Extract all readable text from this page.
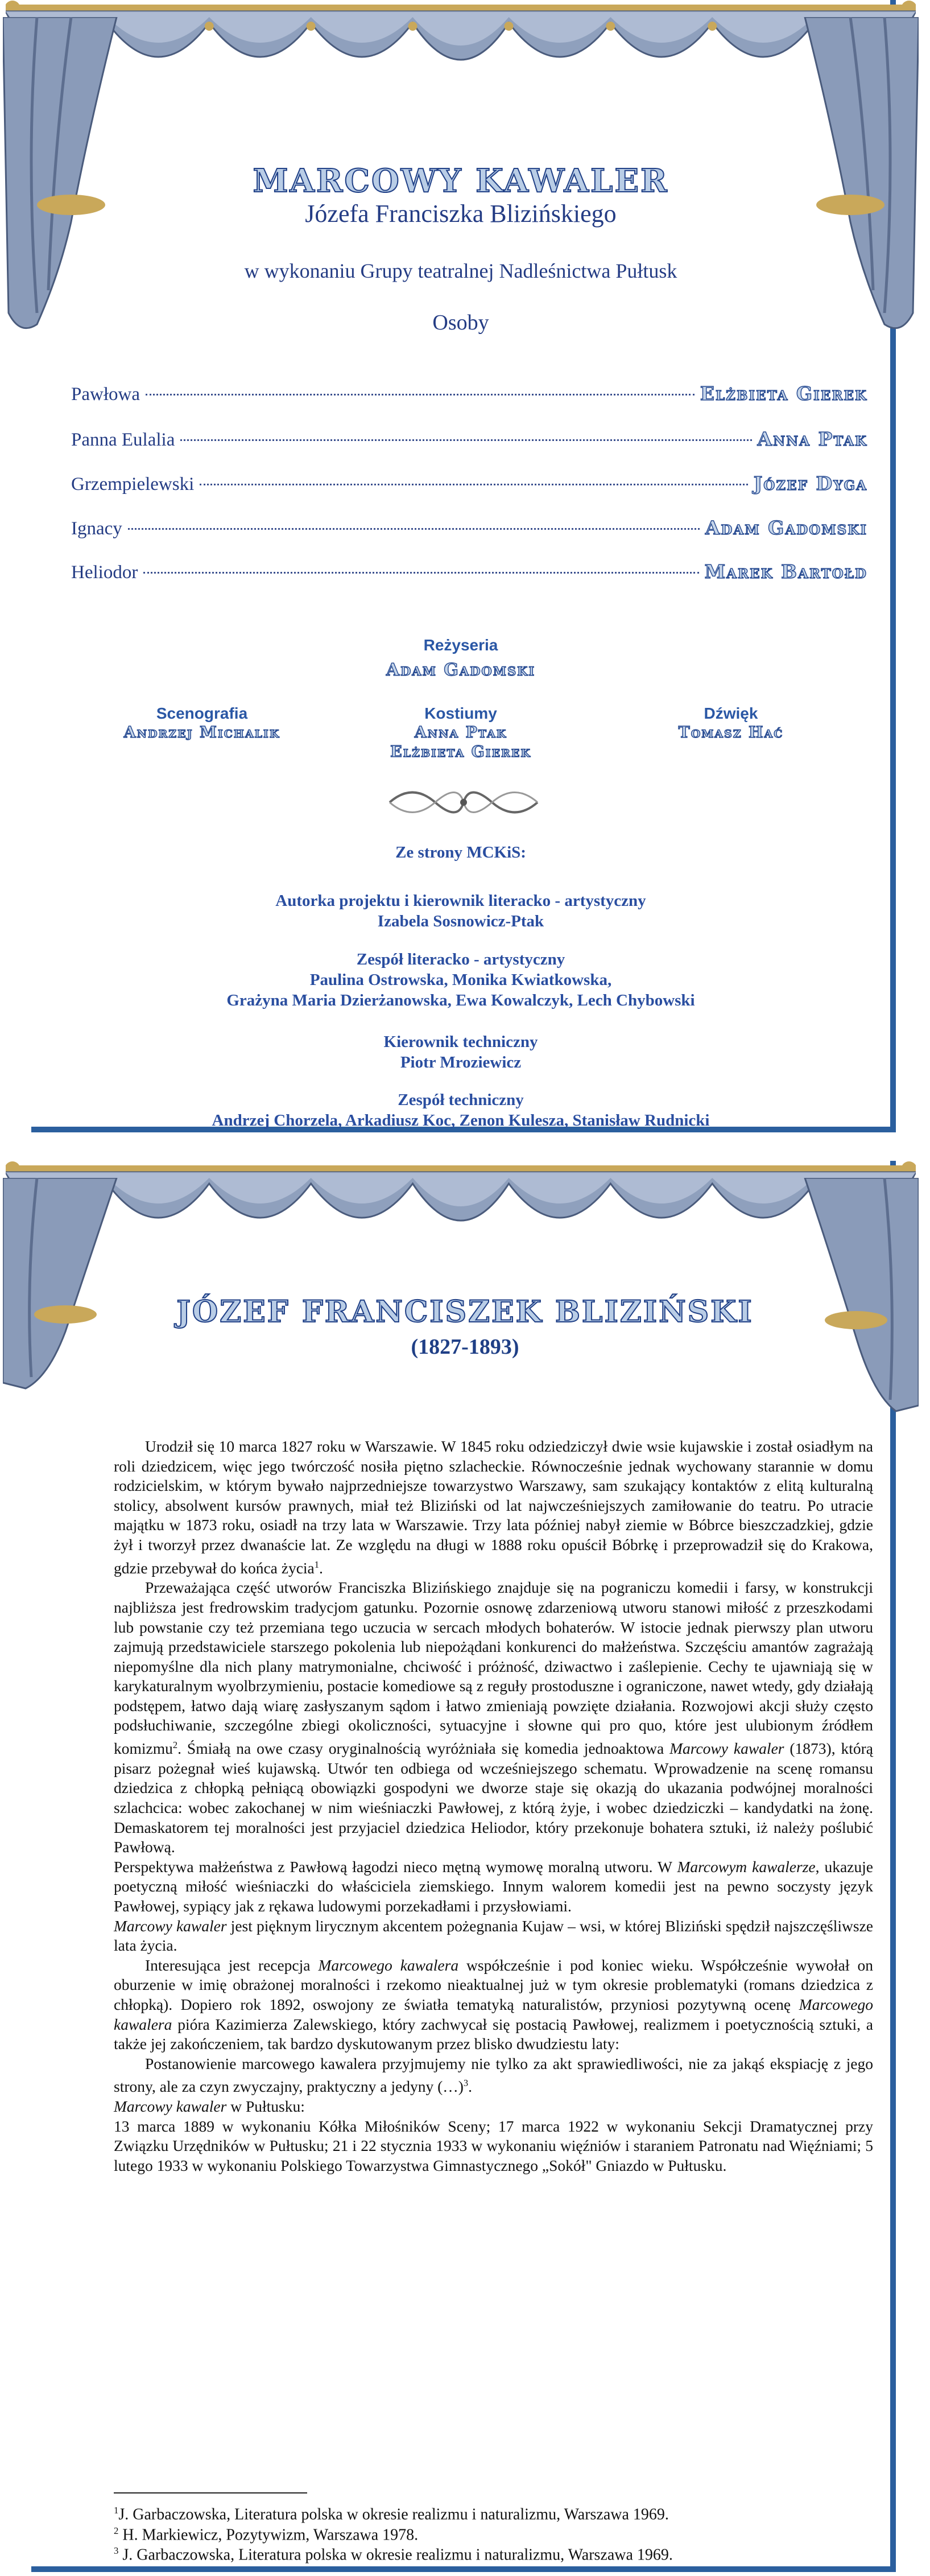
MARCOWY KAWALER
Józefa Franciszka Blizińskiego
w wykonaniu Grupy teatralnej Nadleśnictwa Pułtusk
Osoby
Pawłowa	Elżbieta Gierek
Panna Eulalia	Anna Ptak
Grzempielewski	Józef Dyga
Ignacy	Adam Gadomski
Heliodor	Marek Bartołd
Reżyseria
Adam Gadomski
Scenografia
Andrzej Michalik
Kostiumy
Anna Ptak
Elżbieta Gierek
Dźwięk
Tomasz Hać
Ze strony MCKiS:
Autorka projektu i kierownik literacko - artystyczny
Izabela Sosnowicz-Ptak
Zespół literacko - artystyczny
Paulina Ostrowska, Monika Kwiatkowska,
Grażyna Maria Dzierżanowska, Ewa Kowalczyk, Lech Chybowski
Kierownik techniczny
Piotr Mroziewicz
Zespół techniczny
Andrzej Chorzela, Arkadiusz Koc, Zenon Kulesza, Stanisław Rudnicki
JÓZEF FRANCISZEK BLIZIŃSKI
(1827-1893)

Urodził się 10 marca 1827 roku w Warszawie. W 1845 roku odziedziczył dwie wsie kujawskie i został osiadłym na roli dziedzicem, więc jego twórczość nosiła piętno szlacheckie. Równocześnie jednak wychowany starannie w domu rodzicielskim, w którym bywało najprzedniejsze towarzystwo Warszawy, sam szukający kontaktów z elitą kulturalną stolicy, absolwent kursów prawnych, miał też Bliziński od lat najwcześniejszych zamiłowanie do teatru. Po utracie majątku w 1873 roku, osiadł na trzy lata w Warszawie. Trzy lata później nabył ziemie w Bóbrce bieszczadzkiej, gdzie żył i tworzył przez dwanaście lat. Ze względu na długi w 1888 roku opuścił Bóbrkę i przeprowadził się do Krakowa, gdzie przebywał do końca życia$^1$.

Przeważająca część utworów Franciszka Blizińskiego znajduje się na pograniczu komedii i farsy, w konstrukcji najbliższa jest fredrowskim tradycjom gatunku. Pozornie osnowę zdarzeniową utworu stanowi miłość z przeszkodami lub powstanie czy też przemiana tego uczucia w sercach młodych bohaterów. W istocie jednak pierwszy plan utworu zajmują przedstawiciele starszego pokolenia lub niepożądani konkurenci do małżeństwa. Szczęściu amantów zagrażają niepomyślne dla nich plany matrymonialne, chciwość i próżność, dziwactwo i zaślepienie. Cechy te ujawniają się w karykaturalnym wyolbrzymieniu, postacie komediowe są z reguły prostoduszne i ograniczone, nawet wtedy, gdy działają podstępem, łatwo dają wiarę zasłyszanym sądom i łatwo zmieniają powzięte działania. Rozwojowi akcji służy często podsłuchiwanie, szczególne zbiegi okoliczności, sytuacyjne i słowne qui pro quo, które jest ulubionym źródłem komizmu$^2$. Śmiałą na owe czasy oryginalnością wyróżniała się komedia jednoaktowa Marcowy kawaler (1873), którą pisarz pożegnał wieś kujawską. Utwór ten odbiega od wcześniejszego schematu. Wprowadzenie na scenę romansu dziedzica z chłopką pełniącą obowiązki gospodyni we dworze staje się okazją do ukazania podwójnej moralności szlachcica: wobec zakochanej w nim wieśniaczki Pawłowej, z którą żyje, i wobec dziedziczki – kandydatki na żonę. Demaskatorem tej moralności jest przyjaciel dziedzica Heliodor, który przekonuje bohatera sztuki, iż należy poślubić Pawłową.

Perspektywa małżeństwa z Pawłową łagodzi nieco mętną wymowę moralną utworu. W Marcowym kawalerze, ukazuje poetyczną miłość wieśniaczki do właściciela ziemskiego. Innym walorem komedii jest na pewno soczysty język Pawłowej, sypiący jak z rękawa ludowymi porzekadłami i przysłowiami.

Marcowy kawaler jest pięknym lirycznym akcentem pożegnania Kujaw – wsi, w której Bliziński spędził najszczęśliwsze lata życia.

Interesująca jest recepcja Marcowego kawalera współcześnie i pod koniec wieku. Współcześnie wywołał on oburzenie w imię obrażonej moralności i rzekomo nieaktualnej już w tym okresie problematyki (romans dziedzica z chłopką). Dopiero rok 1892, oswojony ze światła tematyką naturalistów, przyniosi pozytywną ocenę Marcowego kawalera pióra Kazimierza Zalewskiego, który zachwycał się postacią Pawłowej, realizmem i poetycznością sztuki, a także jej zakończeniem, tak bardzo dyskutowanym przez blisko dwudziestu laty:

Postanowienie marcowego kawalera przyjmujemy nie tylko za akt sprawiedliwości, nie za jakąś ekspiację z jego strony, ale za czyn zwyczajny, praktyczny a jedyny (…)$^3$.

Marcowy kawaler w Pułtusku:

13 marca 1889 w wykonaniu Kółka Miłośników Sceny; 17 marca 1922 w wykonaniu Sekcji Dramatycznej przy Związku Urzędników w Pułtusku; 21 i 22 stycznia 1933 w wykonaniu więźniów i staraniem Patronatu nad Więźniami; 5 lutego 1933 w wykonaniu Polskiego Towarzystwa Gimnastycznego „Sokół" Gniazdo w Pułtusku.

$^1$J. Garbaczowska, Literatura polska w okresie realizmu i naturalizmu, Warszawa 1969.
$^2$ H. Markiewicz, Pozytywizm, Warszawa 1978.
$^3$ J. Garbaczowska, Literatura polska w okresie realizmu i naturalizmu, Warszawa 1969.
